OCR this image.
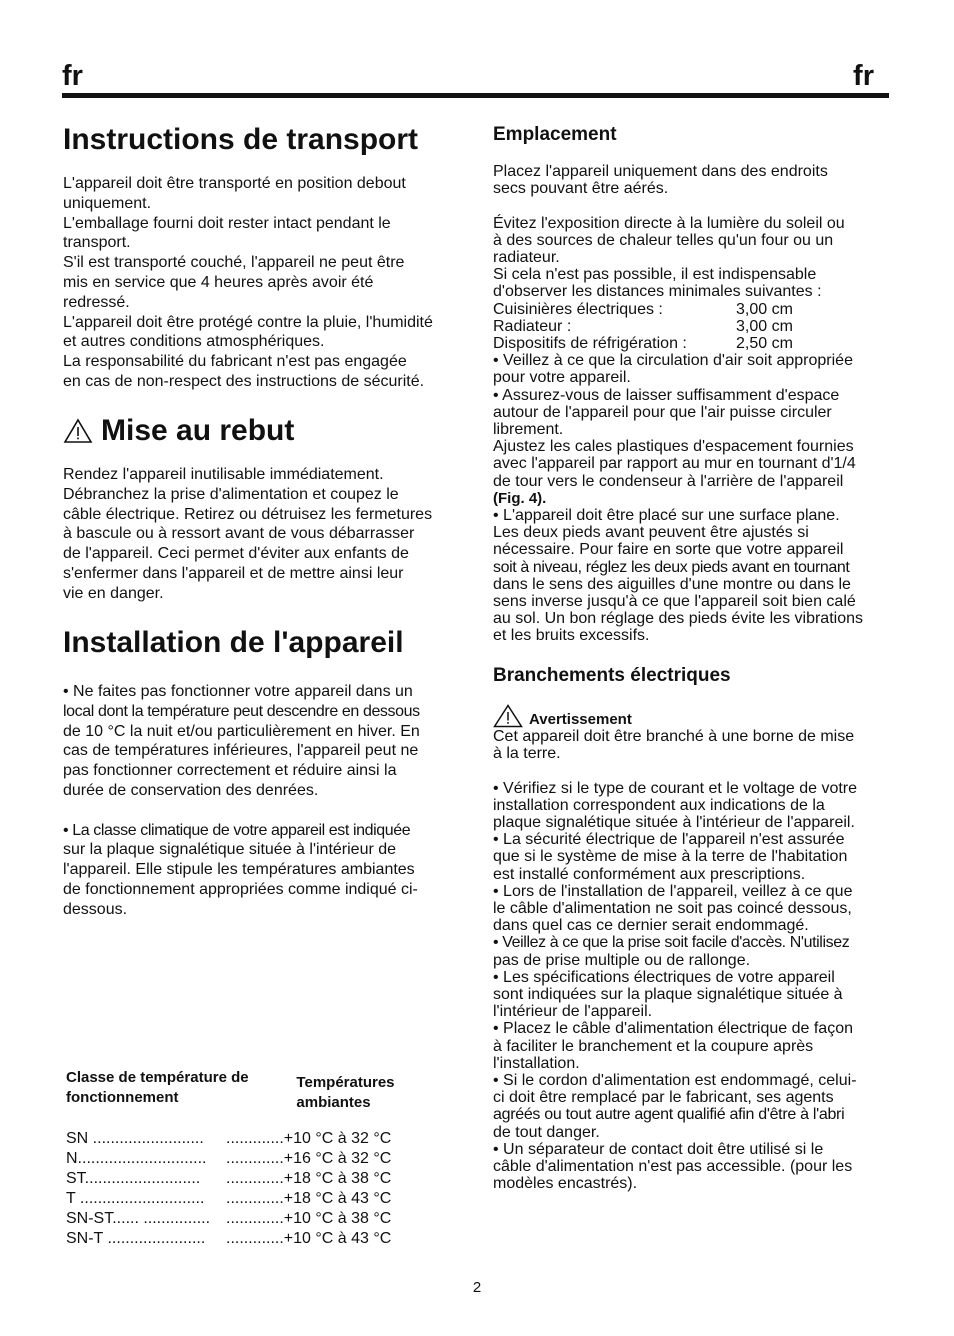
fr	fr
Instructions de transport
L'appareil doit être transporté en position debout
uniquement.
L'emballage fourni doit rester intact pendant le
transport.
S'il est transporté couché, l'appareil ne peut être
mis en service que 4 heures après avoir été
redressé.
L'appareil doit être protégé contre la pluie, l'humidité
et autres conditions atmosphériques.
La responsabilité du fabricant n'est pas engagée
en cas de non-respect des instructions de sécurité.
Mise au rebut
Rendez l'appareil inutilisable immédiatement.
Débranchez la prise d'alimentation et coupez le
câble électrique. Retirez ou détruisez les fermetures
à bascule ou à ressort avant de vous débarrasser
de l'appareil. Ceci permet d'éviter aux enfants de
s'enfermer dans l'appareil et de mettre ainsi leur
vie en danger.
Installation de l'appareil
• Ne faites pas fonctionner votre appareil dans un
local dont la température peut descendre en dessous
de 10 °C la nuit et/ou particulièrement en hiver. En
cas de températures inférieures, l'appareil peut ne
pas fonctionner correctement et réduire ainsi la
durée de conservation des denrées.
• La classe climatique de votre appareil est indiquée
sur la plaque signalétique située à l'intérieur de
l'appareil. Elle stipule les températures ambiantes
de fonctionnement appropriées comme indiqué ci-
dessous.
Classe de température de
fonctionnement
Températures
ambiantes
SN .........................	.............+10 °C à 32 °C
N.............................	.............+16 °C à 32 °C
ST..........................	.............+18 °C à 38 °C
T ............................	.............+18 °C à 43 °C
SN-ST...... ............... .............+10 °C à 38 °C
SN-T ......................	.............+10 °C à 43 °C
Emplacement
Placez l'appareil uniquement dans des endroits
secs pouvant être aérés.
Évitez l'exposition directe à la lumière du soleil ou
à des sources de chaleur telles qu'un four ou un
radiateur.
Si cela n'est pas possible, il est indispensable
d'observer les distances minimales suivantes :
Cuisinières électriques :	3,00 cm
Radiateur :	3,00 cm
Dispositifs de réfrigération :	2,50 cm
• Veillez à ce que la circulation d'air soit appropriée
pour votre appareil.
• Assurez-vous de laisser suffisamment d'espace
autour de l'appareil pour que l'air puisse circuler
librement.
Ajustez les cales plastiques d'espacement fournies
avec l'appareil par rapport au mur en tournant d'1/4
de tour vers le condenseur à l'arrière de l'appareil
(Fig. 4).
• L'appareil doit être placé sur une surface plane.
Les deux pieds avant peuvent être ajustés si
nécessaire. Pour faire en sorte que votre appareil
soit à niveau, réglez les deux pieds avant en tournant
dans le sens des aiguilles d'une montre ou dans le
sens inverse jusqu'à ce que l'appareil soit bien calé
au sol. Un bon réglage des pieds évite les vibrations
et les bruits excessifs.
Branchements électriques
Avertissement
Cet appareil doit être branché à une borne de mise
à la terre.
• Vérifiez si le type de courant et le voltage de votre
installation correspondent aux indications de la
plaque signalétique située à l'intérieur de l'appareil.
• La sécurité électrique de l'appareil n'est assurée
que si le système de mise à la terre de l'habitation
est installé conformément aux prescriptions.
• Lors de l'installation de l'appareil, veillez à ce que
le câble d'alimentation ne soit pas coincé dessous,
dans quel cas ce dernier serait endommagé.
• Veillez à ce que la prise soit facile d'accès. N'utilisez
pas de prise multiple ou de rallonge.
• Les spécifications électriques de votre appareil
sont indiquées sur la plaque signalétique située à
l'intérieur de l'appareil.
• Placez le câble d'alimentation électrique de façon
à faciliter le branchement et la coupure après
l'installation.
• Si le cordon d'alimentation est endommagé, celui-
ci doit être remplacé par le fabricant, ses agents
agréés ou tout autre agent qualifié afin d'être à l'abri
de tout danger.
• Un séparateur de contact doit être utilisé si le
câble d'alimentation n'est pas accessible. (pour les
modèles encastrés).
2
